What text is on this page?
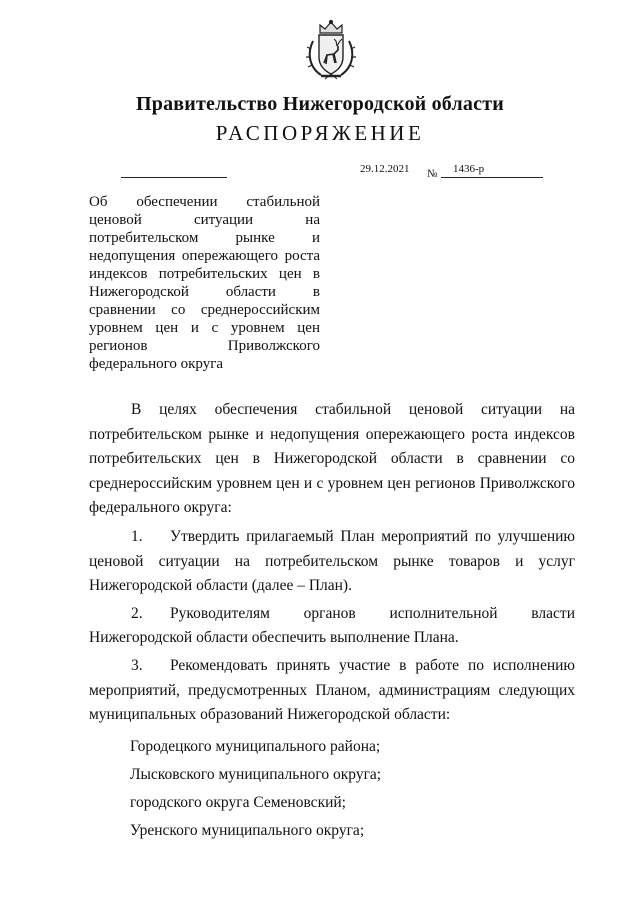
Правительство Нижегородской области
РАСПОРЯЖЕНИЕ
29.12.2021 № 1436-р
Об обеспечении стабильной ценовой ситуации на потребительском рынке и недопущения опережающего роста индексов потребительских цен в Нижегородской области в сравнении со среднероссийским уровнем цен и с уровнем цен регионов Приволжского федерального округа

В целях обеспечения стабильной ценовой ситуации на потребительском рынке и недопущения опережающего роста индексов потребительских цен в Нижегородской области в сравнении со среднероссийским уровнем цен и с уровнем цен регионов Приволжского федерального округа:

1. Утвердить прилагаемый План мероприятий по улучшению ценовой ситуации на потребительском рынке товаров и услуг Нижегородской области (далее – План).

2. Руководителям органов исполнительной власти Нижегородской области обеспечить выполнение Плана.

3. Рекомендовать принять участие в работе по исполнению мероприятий, предусмотренных Планом, администрациям следующих муниципальных образований Нижегородской области:

Городецкого муниципального района;
Лысковского муниципального округа;
городского округа Семеновский;
Уренского муниципального округа;
